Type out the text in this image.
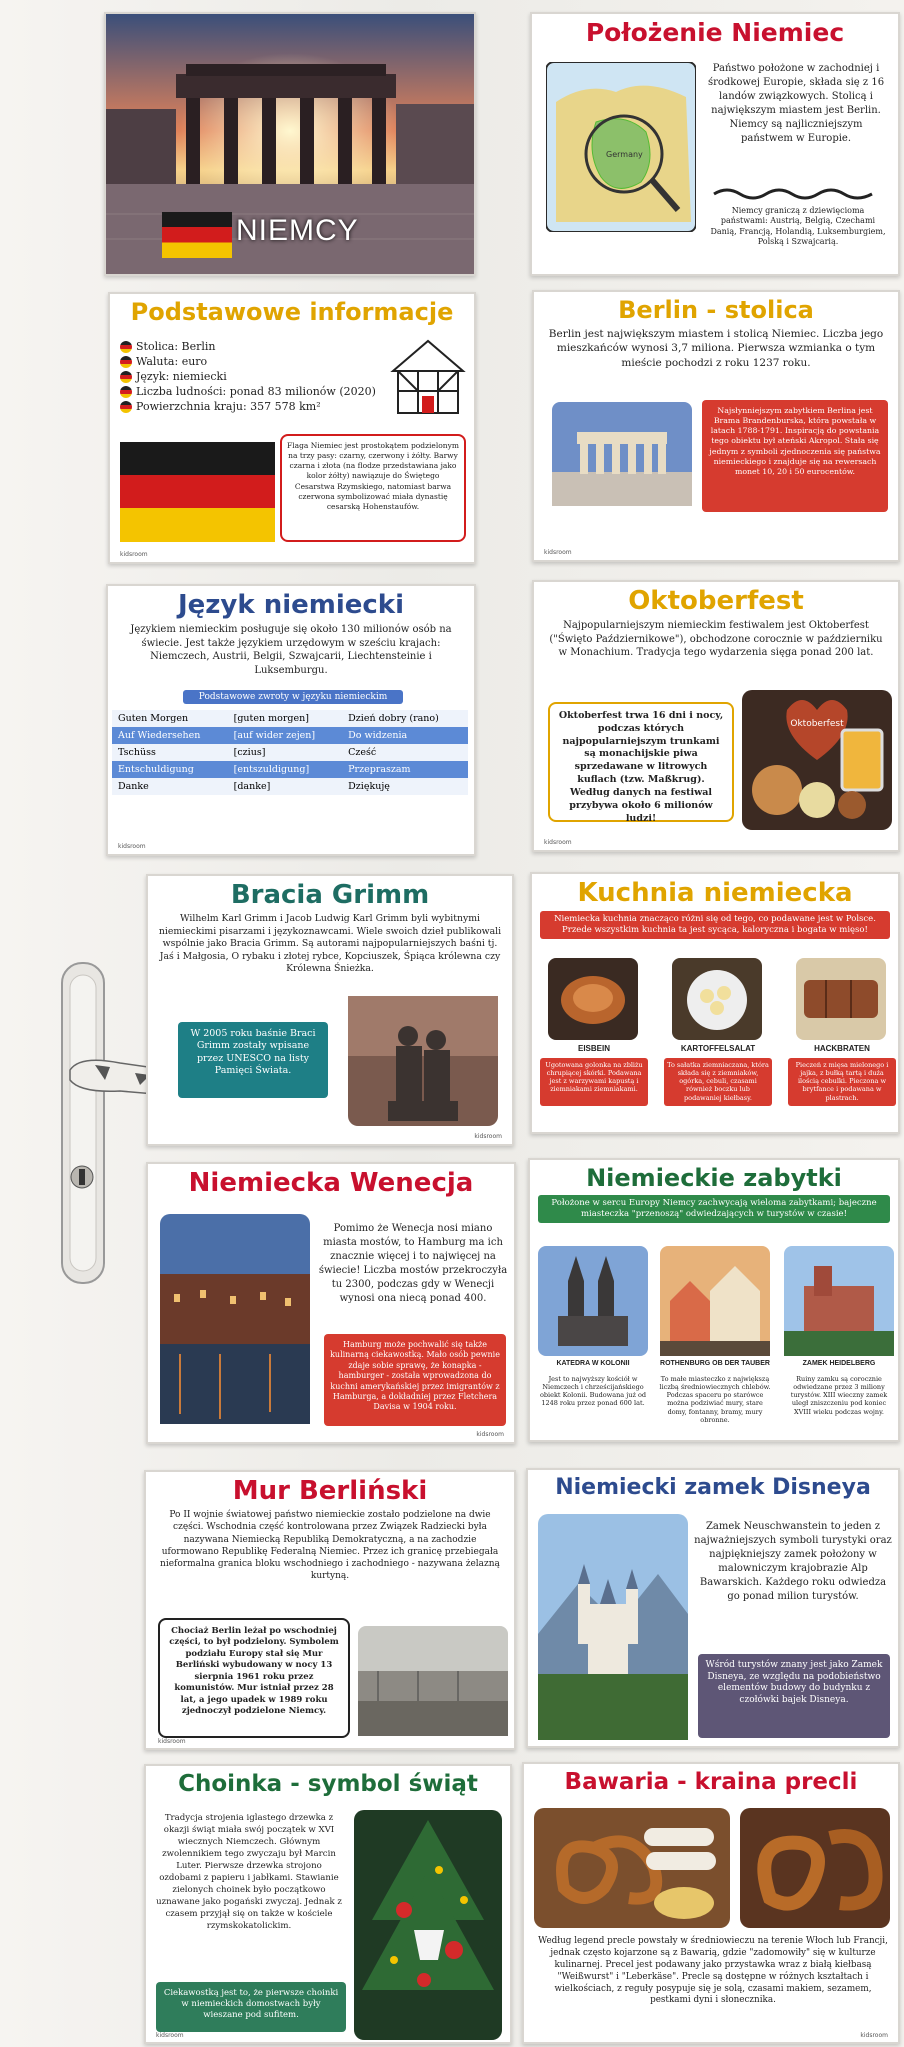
NIEMCY
Położenie Niemiec
Germany
Państwo położone w zachodniej i środkowej Europie, składa się z 16 landów związkowych. Stolicą i największym miastem jest Berlin. Niemcy są najliczniejszym państwem w Europie.
Niemcy graniczą z dziewięcioma państwami: Austrią, Belgią, Czechami Danią, Francją, Holandią, Luksemburgiem, Polską i Szwajcarią.
Podstawowe informacje
Stolica: Berlin
Waluta: euro
Język: niemiecki
Liczba ludności: ponad 83 milionów (2020)
Powierzchnia kraju: 357 578 km²
Flaga Niemiec jest prostokątem podzielonym na trzy pasy: czarny, czerwony i żółty. Barwy czarna i złota (na flodze przedstawiana jako kolor żółty) nawiązuje do Świętego Cesarstwa Rzymskiego, natomiast barwa czerwona symbolizować miała dynastię cesarską Hohenstaufów.
kidsroom
Berlin - stolica
Berlin jest największym miastem i stolicą Niemiec. Liczba jego mieszkańców wynosi 3,7 miliona. Pierwsza wzmianka o tym mieście pochodzi z roku 1237 roku.
Najsłynniejszym zabytkiem Berlina jest Brama Brandenburska, która powstała w latach 1788-1791. Inspiracją do powstania tego obiektu był ateński Akropol. Stała się jednym z symboli zjednoczenia się państwa niemieckiego i znajduje się na rewersach monet 10, 20 i 50 eurocentów.
kidsroom
Język niemiecki
Językiem niemieckim posługuje się około 130 milionów osób na świecie. Jest także językiem urzędowym w sześciu krajach: Niemczech, Austrii, Belgii, Szwajcarii, Liechtensteinie i Luksemburgu.
Podstawowe zwroty w języku niemieckim
Guten Morgen	[guten morgen]	Dzień dobry (rano)
Auf Wiedersehen	[auf wider zejen]	Do widzenia
Tschüss	[czius]	Cześć
Entschuldigung	[entszuldigung]	Przepraszam
Danke	[danke]	Dziękuję
kidsroom
Oktoberfest
Najpopularniejszym niemieckim festiwalem jest Oktoberfest ("Święto Październikowe"), obchodzone corocznie w październiku w Monachium. Tradycja tego wydarzenia sięga ponad 200 lat.
Oktoberfest trwa 16 dni i nocy, podczas których najpopularniejszym trunkami są monachijskie piwa sprzedawane w litrowych kuflach (tzw. Maßkrug). Według danych na festiwal przybywa około 6 milionów ludzi!
Oktoberfest
kidsroom
Bracia Grimm
Wilhelm Karl Grimm i Jacob Ludwig Karl Grimm byli wybitnymi niemieckimi pisarzami i językoznawcami. Wiele swoich dzieł publikowali wspólnie jako Bracia Grimm. Są autorami najpopularniejszych baśni tj. Jaś i Małgosia, O rybaku i złotej rybce, Kopciuszek, Śpiąca królewna czy Królewna Śnieżka.
W 2005 roku baśnie Braci Grimm zostały wpisane przez UNESCO na listy Pamięci Świata.
kidsroom
Kuchnia niemiecka
Niemiecka kuchnia znacząco różni się od tego, co podawane jest w Polsce. Przede wszystkim kuchnia ta jest sycąca, kaloryczna i bogata w mięso!
EISBEIN	KARTOFFELSALAT	HACKBRATEN
Ugotowana golonka na zbliżu chrupiącej skórki. Podawana jest z warzywami kapustą i ziemniakami ziemniakami.
To sałatka ziemniaczana, która składa się z ziemniaków, ogórka, cebuli, czasami również boczku lub podawaniej kiełbasy.
Pieczeń z mięsa mielonego i jajka, z bułką tartą i duża ilością cebulki. Pieczona w brytfance i podawana w plastrach.
Niemiecka Wenecja
Pomimo że Wenecja nosi miano miasta mostów, to Hamburg ma ich znacznie więcej i to najwięcej na świecie! Liczba mostów przekroczyła tu 2300, podczas gdy w Wenecji wynosi ona niecą ponad 400.
Hamburg może pochwalić się także kulinarną ciekawostką. Mało osób pewnie zdaje sobie sprawę, że konapka - hamburger - została wprowadzona do kuchni amerykańskiej przez imigrantów z Hamburga, a dokładniej przez Fletchera Davisa w 1904 roku.
kidsroom
Niemieckie zabytki
Położone w sercu Europy Niemcy zachwycają wieloma zabytkami; bajeczne miasteczka "przenoszą" odwiedzających w turystów w czasie!
KATEDRA W KOLONII	ROTHENBURG OB DER TAUBER	ZAMEK HEIDELBERG
Jest to najwyższy kościół w Niemczech i chrześcijańskiego obiekt Kolonii. Budowana już od 1248 roku przez ponad 600 lat.
To małe miasteczko z największą liczbą średniowiecznych chlebów. Podczas spaceru po starówce można podziwiać mury, stare domy, fontanny, bramy, mury obronne.
Ruiny zamku są corocznie odwiedzane przez 3 miliony turystów. XIII wieczny zamek uległ zniszczeniu pod koniec XVIII wieku podczas wojny.
Mur Berliński
Po II wojnie światowej państwo niemieckie zostało podzielone na dwie części. Wschodnia część kontrolowana przez Związek Radziecki była nazywana Niemiecką Republiką Demokratyczną, a na zachodzie uformowano Republikę Federalną Niemiec. Przez ich granicę przebiegała nieformalna granica bloku wschodniego i zachodniego - nazywana żelazną kurtyną.
Chociaż Berlin leżał po wschodniej części, to był podzielony. Symbolem podziału Europy stał się Mur Berliński wybudowany w nocy 13 sierpnia 1961 roku przez komunistów. Mur istniał przez 28 lat, a jego upadek w 1989 roku zjednoczył podzielone Niemcy.
kidsroom
Niemiecki zamek Disneya
Zamek Neuschwanstein to jeden z najważniejszych symboli turystyki oraz najpiękniejszy zamek położony w malowniczym krajobrazie Alp Bawarskich. Każdego roku odwiedza go ponad milion turystów.
Wśród turystów znany jest jako Zamek Disneya, ze względu na podobieństwo elementów budowy do budynku z czołówki bajek Disneya.
Choinka - symbol świąt
Tradycja strojenia iglastego drzewka z okazji świąt miała swój początek w XVI wiecznych Niemczech. Głównym zwolennikiem tego zwyczaju był Marcin Luter. Pierwsze drzewka strojono ozdobami z papieru i jabłkami. Stawianie zielonych choinek było początkowo uznawane jako pogański zwyczaj. Jednak z czasem przyjął się on także w kościele rzymskokatolickim.
Ciekawostką jest to, że pierwsze choinki w niemieckich domostwach były wieszane pod sufitem.
kidsroom
Bawaria - kraina precli
Według legend precle powstały w średniowieczu na terenie Włoch lub Francji, jednak często kojarzone są z Bawarią, gdzie "zadomowiły" się w kulturze kulinarnej. Precel jest podawany jako przystawka wraz z białą kiełbasą "Weißwurst" i "Leberkäse". Precle są dostępne w różnych kształtach i wielkościach, z reguły posypuje się je solą, czasami makiem, sezamem, pestkami dyni i słonecznika.
kidsroom
